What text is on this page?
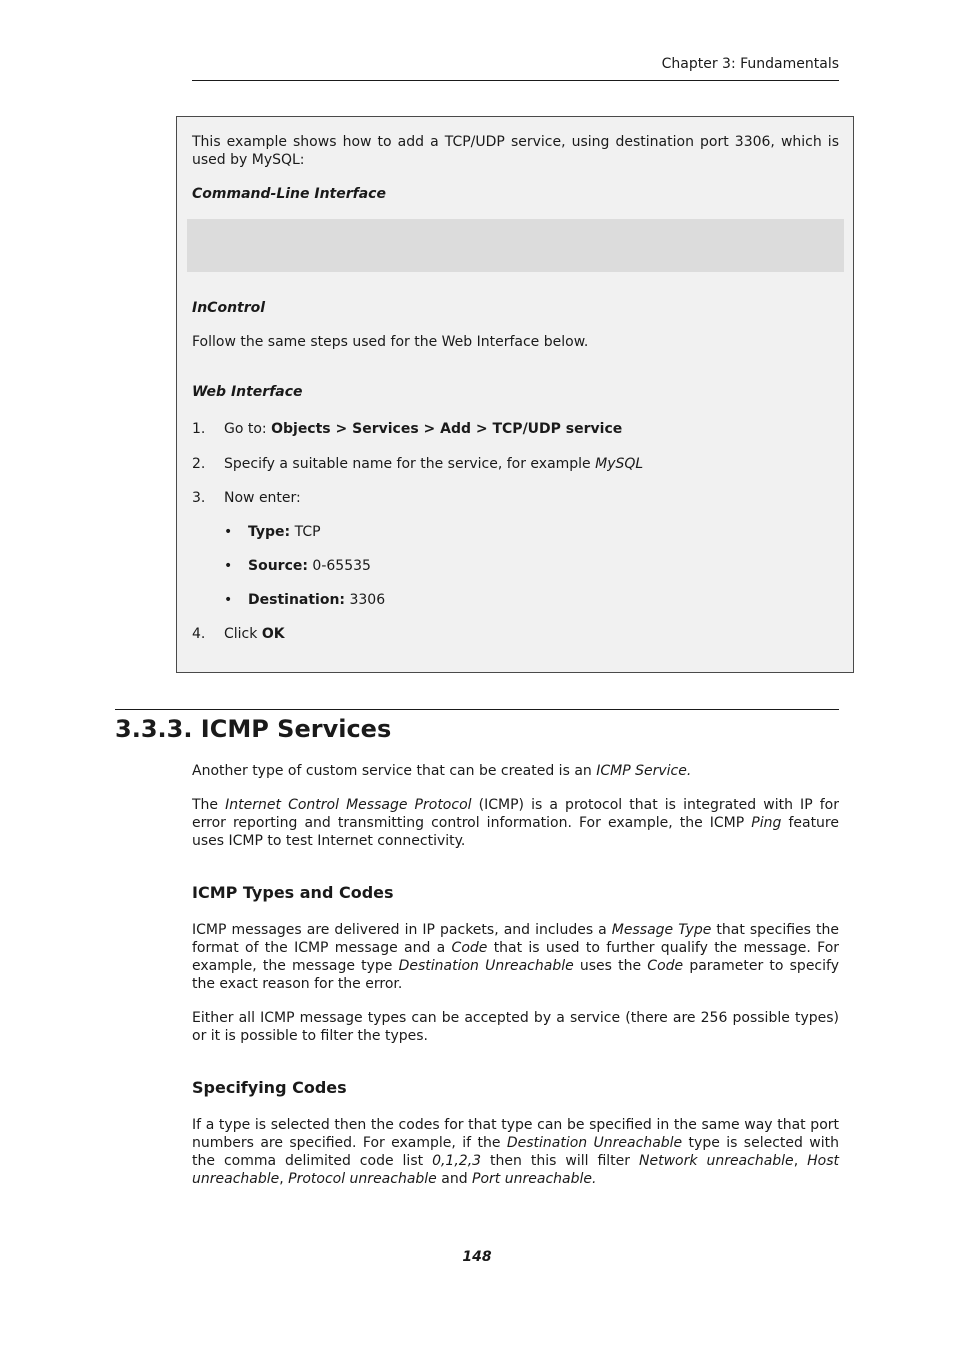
Chapter 3: Fundamentals
This example shows how to add a TCP/UDP service, using destination port 3306, which is used by MySQL:
Command-Line Interface
InControl
Follow the same steps used for the Web Interface below.
Web Interface
1. Go to: Objects > Services > Add > TCP/UDP service
2. Specify a suitable name for the service, for example MySQL
3. Now enter:
• Type: TCP
• Source: 0-65535
• Destination: 3306
4. Click OK
3.3.3. ICMP Services
Another type of custom service that can be created is an ICMP Service.
The Internet Control Message Protocol (ICMP) is a protocol that is integrated with IP for error reporting and transmitting control information. For example, the ICMP Ping feature uses ICMP to test Internet connectivity.
ICMP Types and Codes
ICMP messages are delivered in IP packets, and includes a Message Type that specifies the format of the ICMP message and a Code that is used to further qualify the message. For example, the message type Destination Unreachable uses the Code parameter to specify the exact reason for the error.
Either all ICMP message types can be accepted by a service (there are 256 possible types) or it is possible to filter the types.
Specifying Codes
If a type is selected then the codes for that type can be specified in the same way that port numbers are specified. For example, if the Destination Unreachable type is selected with the comma delimited code list 0,1,2,3 then this will filter Network unreachable, Host unreachable, Protocol unreachable and Port unreachable.
148
